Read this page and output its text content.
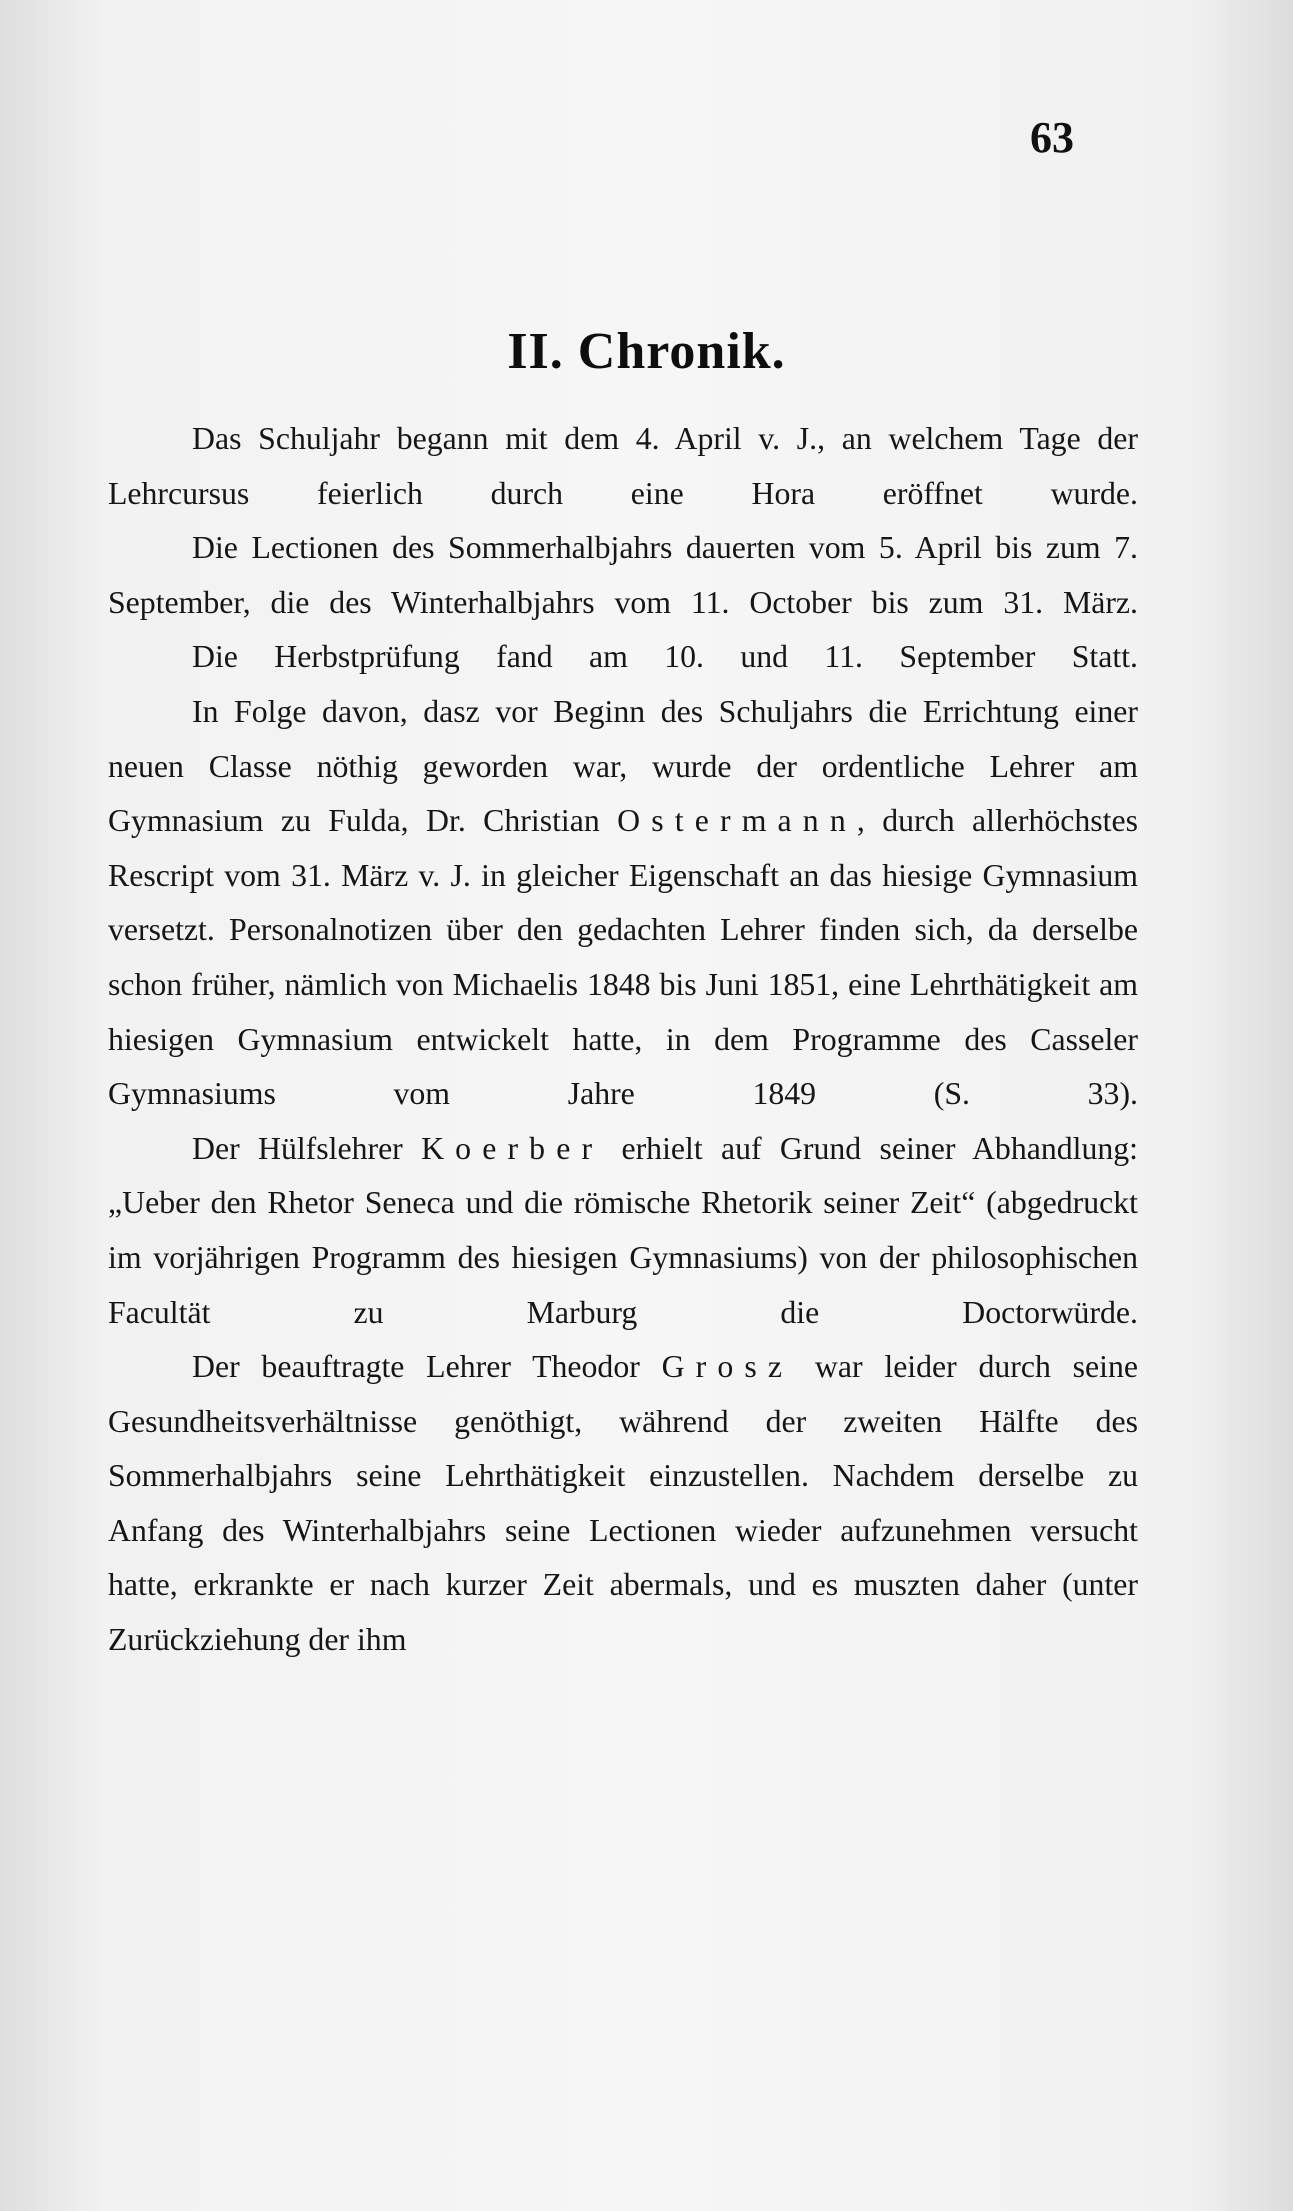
63
II. Chronik.

Das Schuljahr begann mit dem 4. April v. J., an welchem Tage der Lehrcursus feierlich durch eine Hora eröffnet wurde.

Die Lectionen des Sommerhalbjahrs dauerten vom 5. April bis zum 7. September, die des Winterhalbjahrs vom 11. October bis zum 31. März.

Die Herbstprüfung fand am 10. und 11. September Statt.

In Folge davon, dasz vor Beginn des Schuljahrs die Errichtung einer neuen Classe nöthig geworden war, wurde der ordentliche Lehrer am Gymnasium zu Fulda, Dr. Christian Ostermann, durch allerhöchstes Rescript vom 31. März v. J. in gleicher Eigenschaft an das hiesige Gymnasium versetzt. Personalnotizen über den gedachten Lehrer finden sich, da derselbe schon früher, nämlich von Michaelis 1848 bis Juni 1851, eine Lehrthätigkeit am hiesigen Gymnasium entwickelt hatte, in dem Programme des Casseler Gymnasiums vom Jahre 1849 (S. 33).

Der Hülfslehrer Koerber erhielt auf Grund seiner Abhandlung: „Ueber den Rhetor Seneca und die römische Rhetorik seiner Zeit“ (abgedruckt im vorjährigen Programm des hiesigen Gymnasiums) von der philosophischen Facultät zu Marburg die Doctorwürde.

Der beauftragte Lehrer Theodor Grosz war leider durch seine Gesundheitsverhältnisse genöthigt, während der zweiten Hälfte des Sommerhalbjahrs seine Lehrthätigkeit einzustellen. Nachdem derselbe zu Anfang des Winterhalbjahrs seine Lectionen wieder aufzunehmen versucht hatte, erkrankte er nach kurzer Zeit abermals, und es muszten daher (unter Zurückziehung der ihm
